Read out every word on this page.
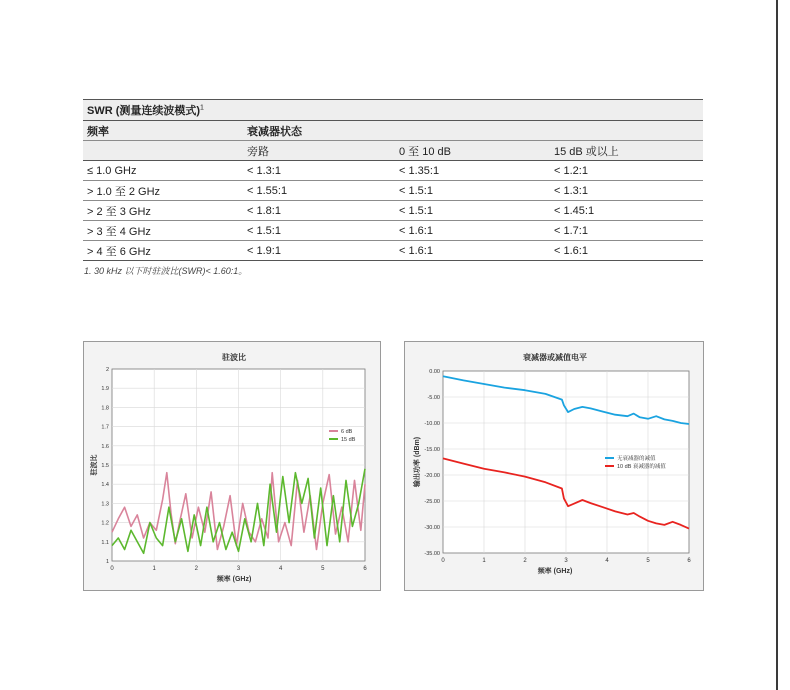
SWR (测量连续波模式)$^1$
频率	衰减器状态		
	旁路	0 至 10 dB	15 dB 或以上
≤ 1.0 GHz	< 1.3:1	< 1.35:1	< 1.2:1
> 1.0 至 2 GHz	< 1.55:1	< 1.5:1	< 1.3:1
> 2 至 3 GHz	< 1.8:1	< 1.5:1	< 1.45:1
> 3 至 4 GHz	< 1.5:1	< 1.6:1	< 1.7:1
> 4 至 6 GHz	< 1.9:1	< 1.6:1	< 1.6:1
1. 30 kHz 以下时驻波比(SWR)< 1.60:1。
驻波比
0	1	2	3	4	5	6
1
1.1
1.2
1.3
1.4
1.5
1.6
1.7
1.8
1.9
2
6 dB
15 dB
频率 (GHz)
驻波比
衰减器或减值电平
0	1	2	3	4	5	6
0.00
-5.00
-10.00
-15.00
-20.00
-25.00
-30.00
-35.00
无衰减器的减值
10 dB 衰减器的减值
频率 (GHz)
输出功率 (dBm)
